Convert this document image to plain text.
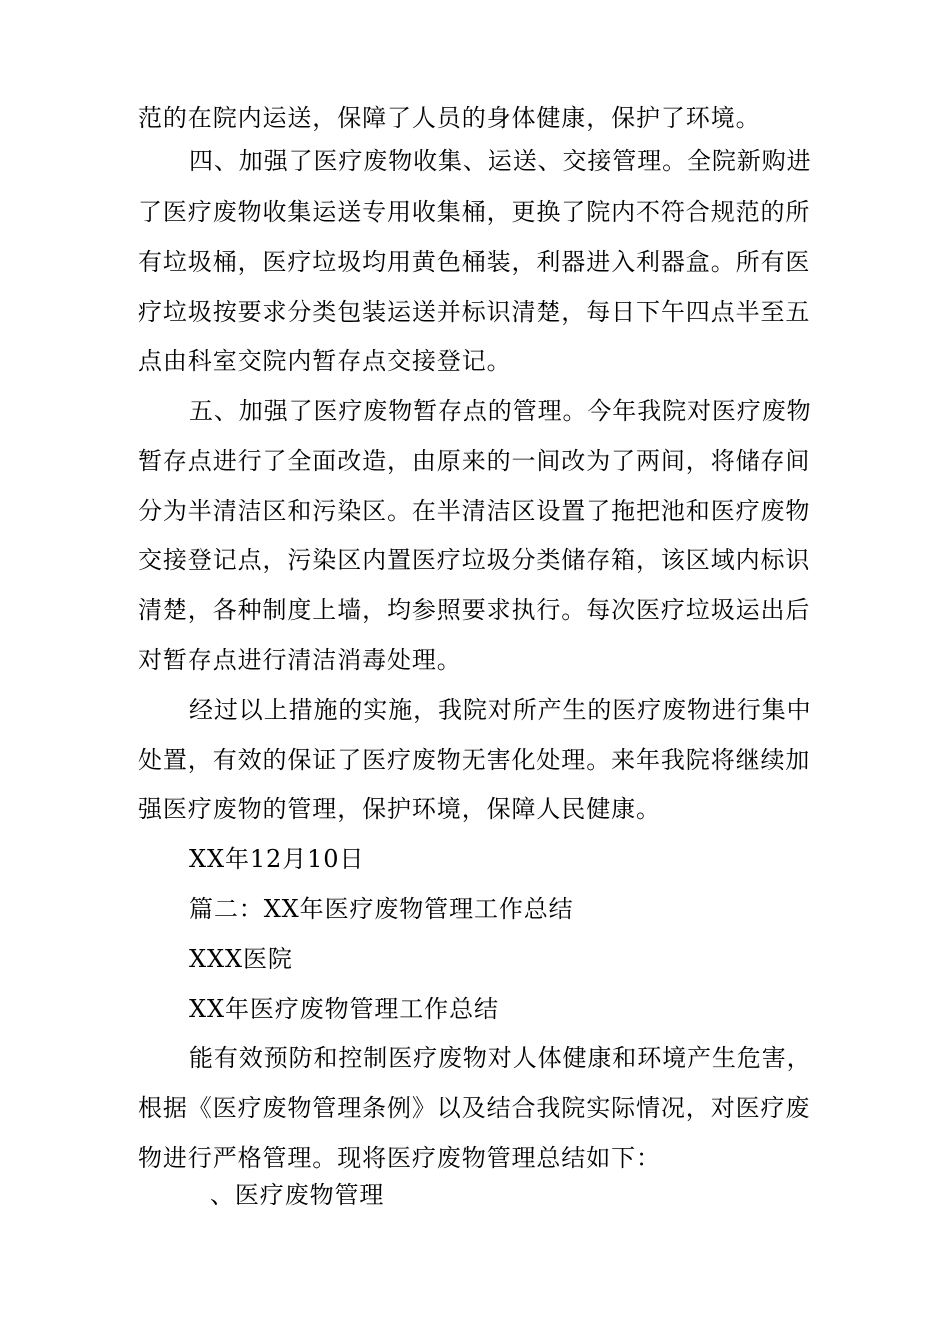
范的在院内运送，保障了人员的身体健康，保护了环境。
四、加强了医疗废物收集、运送、交接管理。全院新购进
了医疗废物收集运送专用收集桶，更换了院内不符合规范的所
有垃圾桶，医疗垃圾均用黄色桶装，利器进入利器盒。所有医
疗垃圾按要求分类包装运送并标识清楚，每日下午四点半至五
点由科室交院内暂存点交接登记。
五、加强了医疗废物暂存点的管理。今年我院对医疗废物
暂存点进行了全面改造，由原来的一间改为了两间，将储存间
分为半清洁区和污染区。在半清洁区设置了拖把池和医疗废物
交接登记点，污染区内置医疗垃圾分类储存箱，该区域内标识
清楚，各种制度上墙，均参照要求执行。每次医疗垃圾运出后
对暂存点进行清洁消毒处理。
经过以上措施的实施，我院对所产生的医疗废物进行集中
处置，有效的保证了医疗废物无害化处理。来年我院将继续加
强医疗废物的管理，保护环境，保障人民健康。
XX年12月10日
篇二：XX年医疗废物管理工作总结
XXX医院
XX年医疗废物管理工作总结
能有效预防和控制医疗废物对人体健康和环境产生危害，
根据《医疗废物管理条例》以及结合我院实际情况，对医疗废
物进行严格管理。现将医疗废物管理总结如下：
、医疗废物管理
